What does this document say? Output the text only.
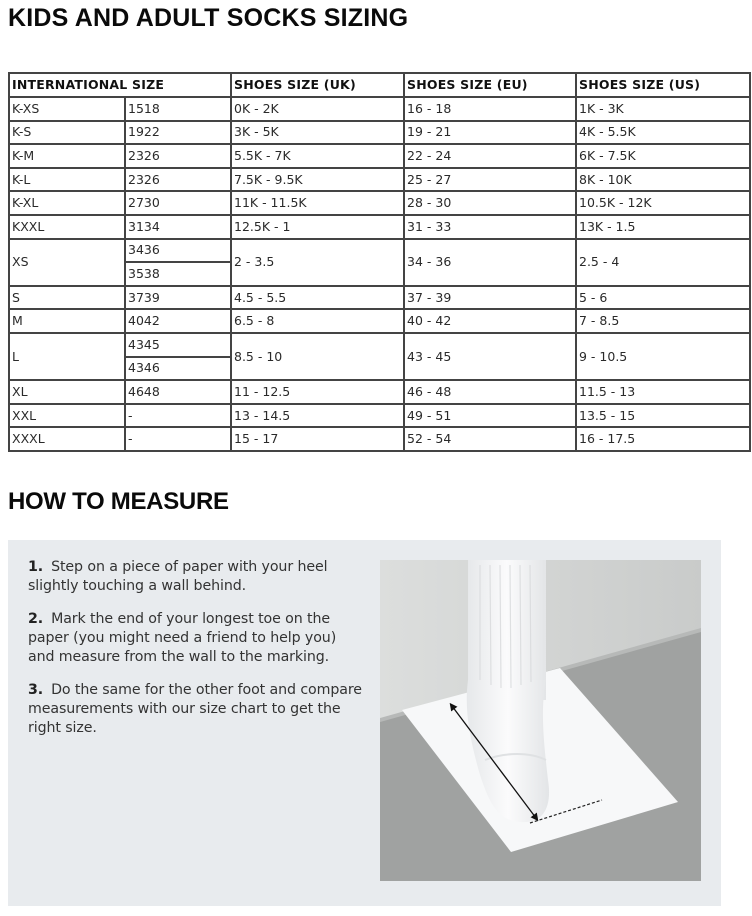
KIDS AND ADULT SOCKS SIZING
INTERNATIONAL SIZE		SHOES SIZE (UK)	SHOES SIZE (EU)	SHOES SIZE (US)
K-XS	1518	0K - 2K	16 - 18	1K - 3K
K-S	1922	3K - 5K	19 - 21	4K - 5.5K
K-M	2326	5.5K - 7K	22 - 24	6K - 7.5K
K-L	2326	7.5K - 9.5K	25 - 27	8K - 10K
K-XL	2730	11K - 11.5K	28 - 30	10.5K - 12K
KXXL	3134	12.5K - 1	31 - 33	13K - 1.5
XS	3436	2 - 3.5	34 - 36	2.5 - 4
	3538			
S	3739	4.5 - 5.5	37 - 39	5 - 6
M	4042	6.5 - 8	40 - 42	7 - 8.5
L	4345	8.5 - 10	43 - 45	9 - 10.5
	4346			
XL	4648	11 - 12.5	46 - 48	11.5 - 13
XXL	-	13 - 14.5	49 - 51	13.5 - 15
XXXL	-	15 - 17	52 - 54	16 - 17.5
HOW TO MEASURE

1. Step on a piece of paper with your heel slightly touching a wall behind.

2. Mark the end of your longest toe on the paper (you might need a friend to help you) and measure from the wall to the marking.

3. Do the same for the other foot and compare measurements with our size chart to get the right size.
